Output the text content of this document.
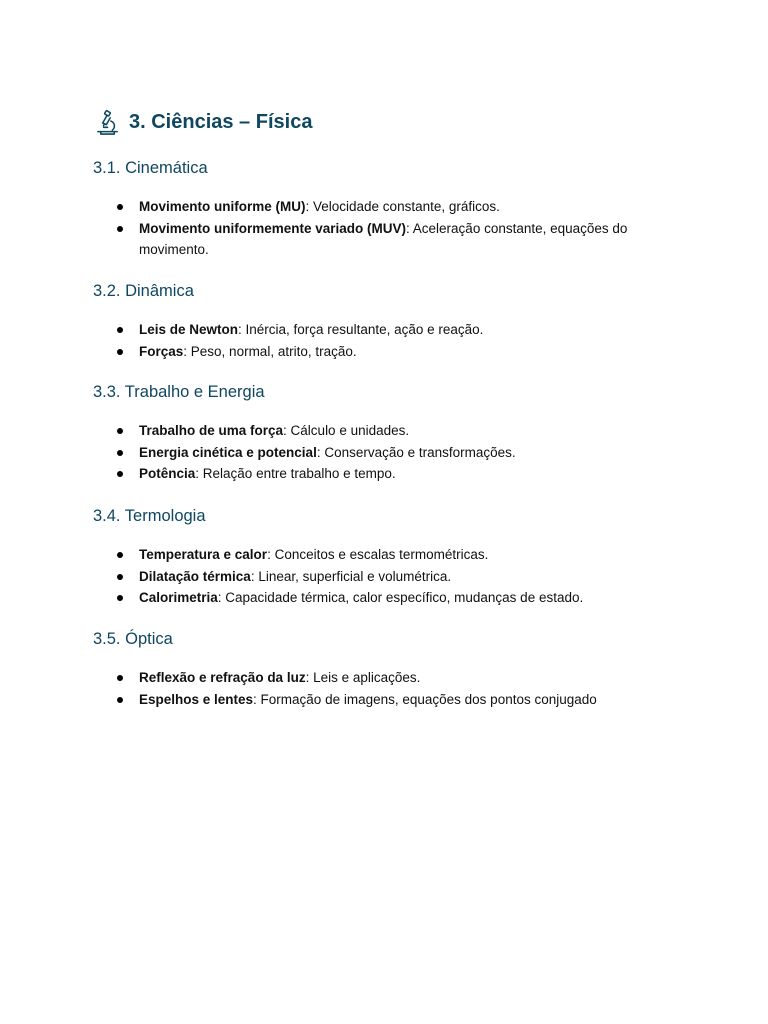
3. Ciências – Física
3.1. Cinemática
Movimento uniforme (MU): Velocidade constante, gráficos.
Movimento uniformemente variado (MUV): Aceleração constante, equações do movimento.
3.2. Dinâmica
Leis de Newton: Inércia, força resultante, ação e reação.
Forças: Peso, normal, atrito, tração.
3.3. Trabalho e Energia
Trabalho de uma força: Cálculo e unidades.
Energia cinética e potencial: Conservação e transformações.
Potência: Relação entre trabalho e tempo.
3.4. Termologia
Temperatura e calor: Conceitos e escalas termométricas.
Dilatação térmica: Linear, superficial e volumétrica.
Calorimetria: Capacidade térmica, calor específico, mudanças de estado.
3.5. Óptica
Reflexão e refração da luz: Leis e aplicações.
Espelhos e lentes: Formação de imagens, equações dos pontos conjugado
